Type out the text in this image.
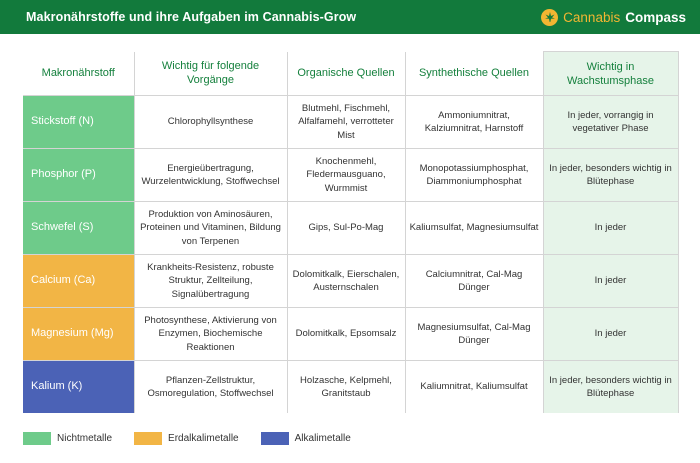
Makronährstoffe und ihre Aufgaben im Cannabis-Grow	Cannabis Compass
Makronährstoff	Wichtig für folgende Vorgänge	Organische Quellen	Synthethische Quellen	Wichtig in Wachstumsphase
Stickstoff (N)	Chlorophyllsynthese	Blutmehl, Fischmehl, Alfalfamehl, verrotteter Mist	Ammoniumnitrat, Kalziumnitrat, Harnstoff	In jeder, vorrangig in vegetativer Phase
Phosphor (P)	Energieübertragung, Wurzelentwicklung, Stoffwechsel	Knochenmehl, Fledermausguano, Wurmmist	Monopotassiumphosphat, Diammoniumphosphat	In jeder, besonders wichtig in Blütephase
Schwefel (S)	Produktion von Aminosäuren, Proteinen und Vitaminen, Bildung von Terpenen	Gips, Sul-Po-Mag	Kaliumsulfat, Magnesiumsulfat	In jeder
Calcium (Ca)	Krankheits-Resistenz, robuste Struktur, Zellteilung, Signalübertragung	Dolomitkalk, Eierschalen, Austernschalen	Calciumnitrat, Cal-Mag Dünger	In jeder
Magnesium (Mg)	Photosynthese, Aktivierung von Enzymen, Biochemische Reaktionen	Dolomitkalk, Epsomsalz	Magnesiumsulfat, Cal-Mag Dünger	In jeder
Kalium (K)	Pflanzen-Zellstruktur, Osmoregulation, Stoffwechsel	Holzasche, Kelpmehl, Granitstaub	Kaliumnitrat, Kaliumsulfat	In jeder, besonders wichtig in Blütephase
Nichtmetalle	Erdalkalimetalle	Alkalimetalle
